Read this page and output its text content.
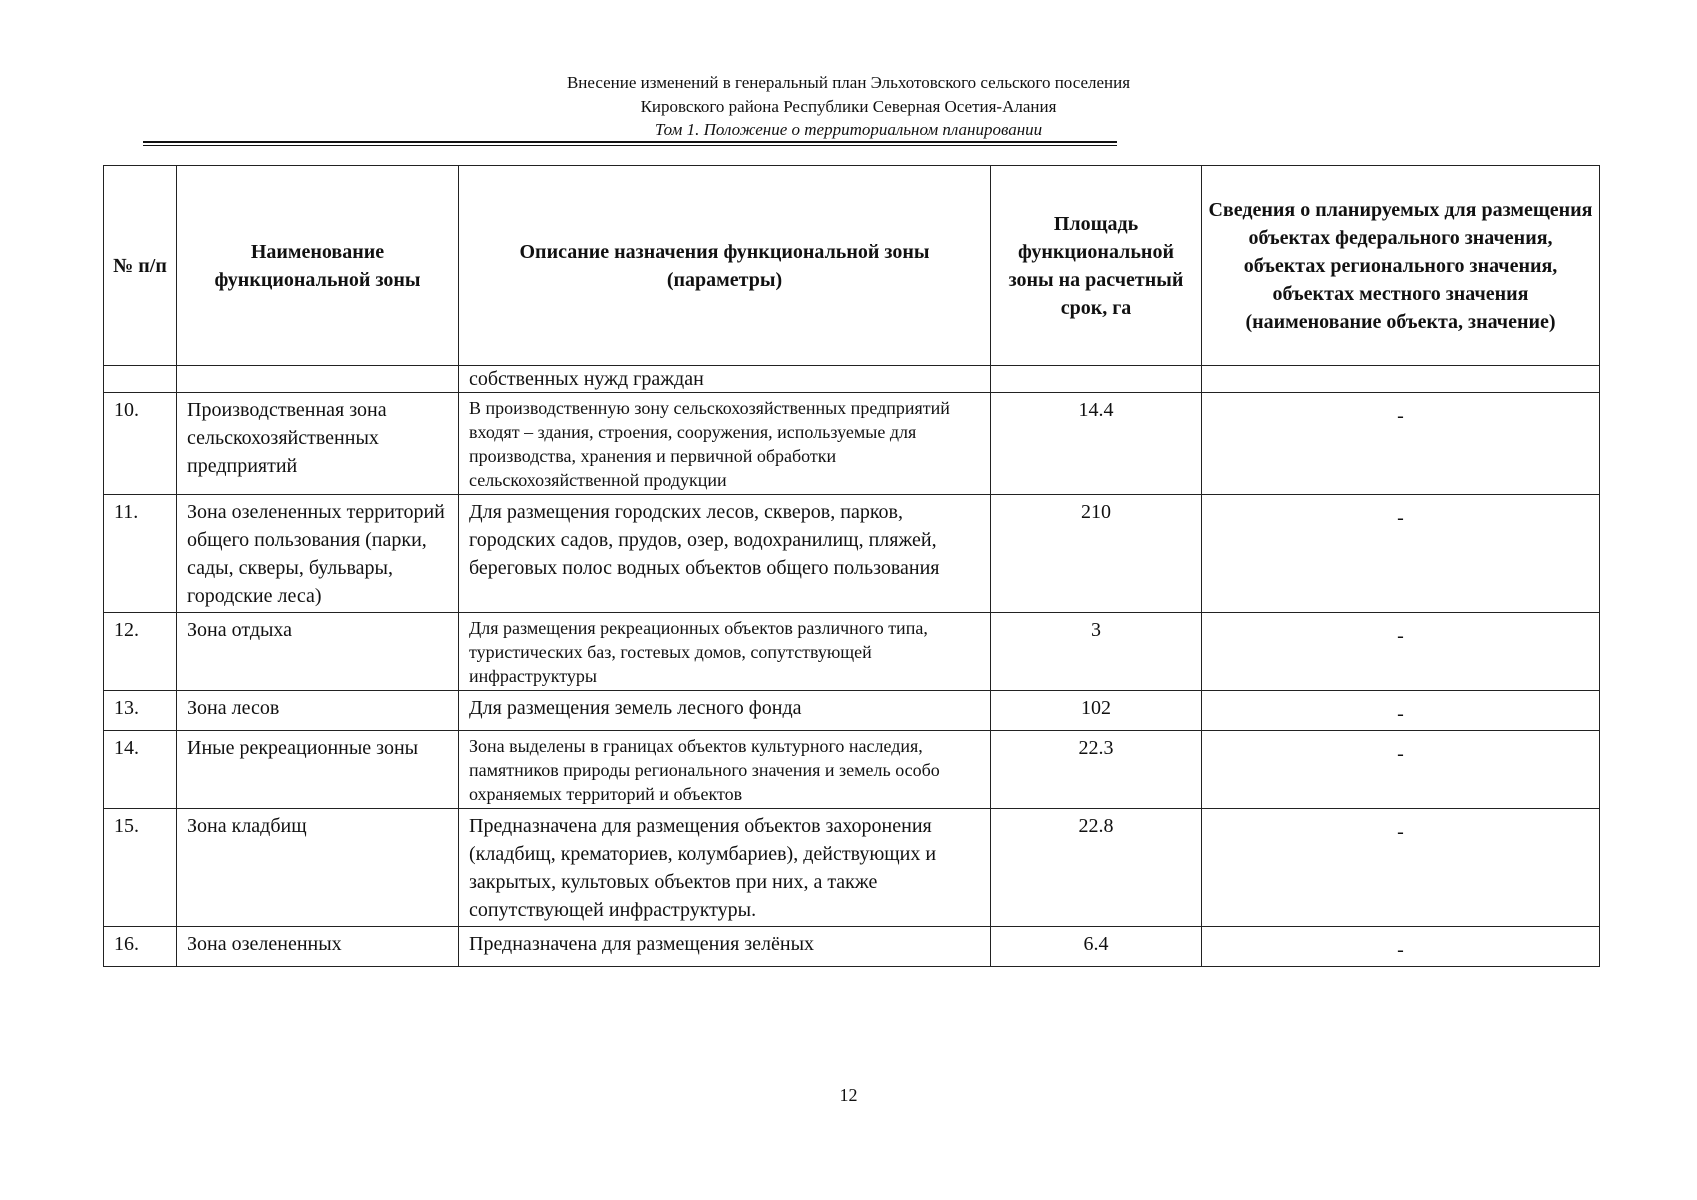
Внесение изменений в генеральный план Эльхотовского сельского поселения
Кировского района Республики Северная Осетия-Алания
Том 1. Положение о территориальном планировании
№ п/п	Наименование функциональной зоны	Описание назначения функциональной зоны (параметры)	Площадь функциональной зоны на расчетный срок, га	Сведения о планируемых для размещения объектах федерального значения, объектах регионального значения, объектах местного значения (наименование объекта, значение)
		собственных нужд граждан		
10.	Производственная зона сельскохозяйственных предприятий	В производственную зону сельскохозяйственных предприятий входят – здания, строения, сооружения, используемые для производства, хранения и первичной обработки сельскохозяйственной продукции	14.4	-
11.	Зона озелененных территорий общего пользования (парки, сады, скверы, бульвары, городские леса)	Для размещения городских лесов, скверов, парков, городских садов, прудов, озер, водохранилищ, пляжей, береговых полос водных объектов общего пользования	210	-
12.	Зона отдыха	Для размещения рекреационных объектов различного типа, туристических баз, гостевых домов, сопутствующей инфраструктуры	3	-
13.	Зона лесов	Для размещения земель лесного фонда	102	-
14.	Иные рекреационные зоны	Зона выделены в границах объектов культурного наследия, памятников природы регионального значения и земель особо охраняемых территорий и объектов	22.3	-
15.	Зона кладбищ	Предназначена для размещения объектов захоронения (кладбищ, крематориев, колумбариев), действующих и закрытых, культовых объектов при них, а также сопутствующей инфраструктуры.	22.8	-
16.	Зона озелененных	Предназначена для размещения зелёных	6.4	-
12
